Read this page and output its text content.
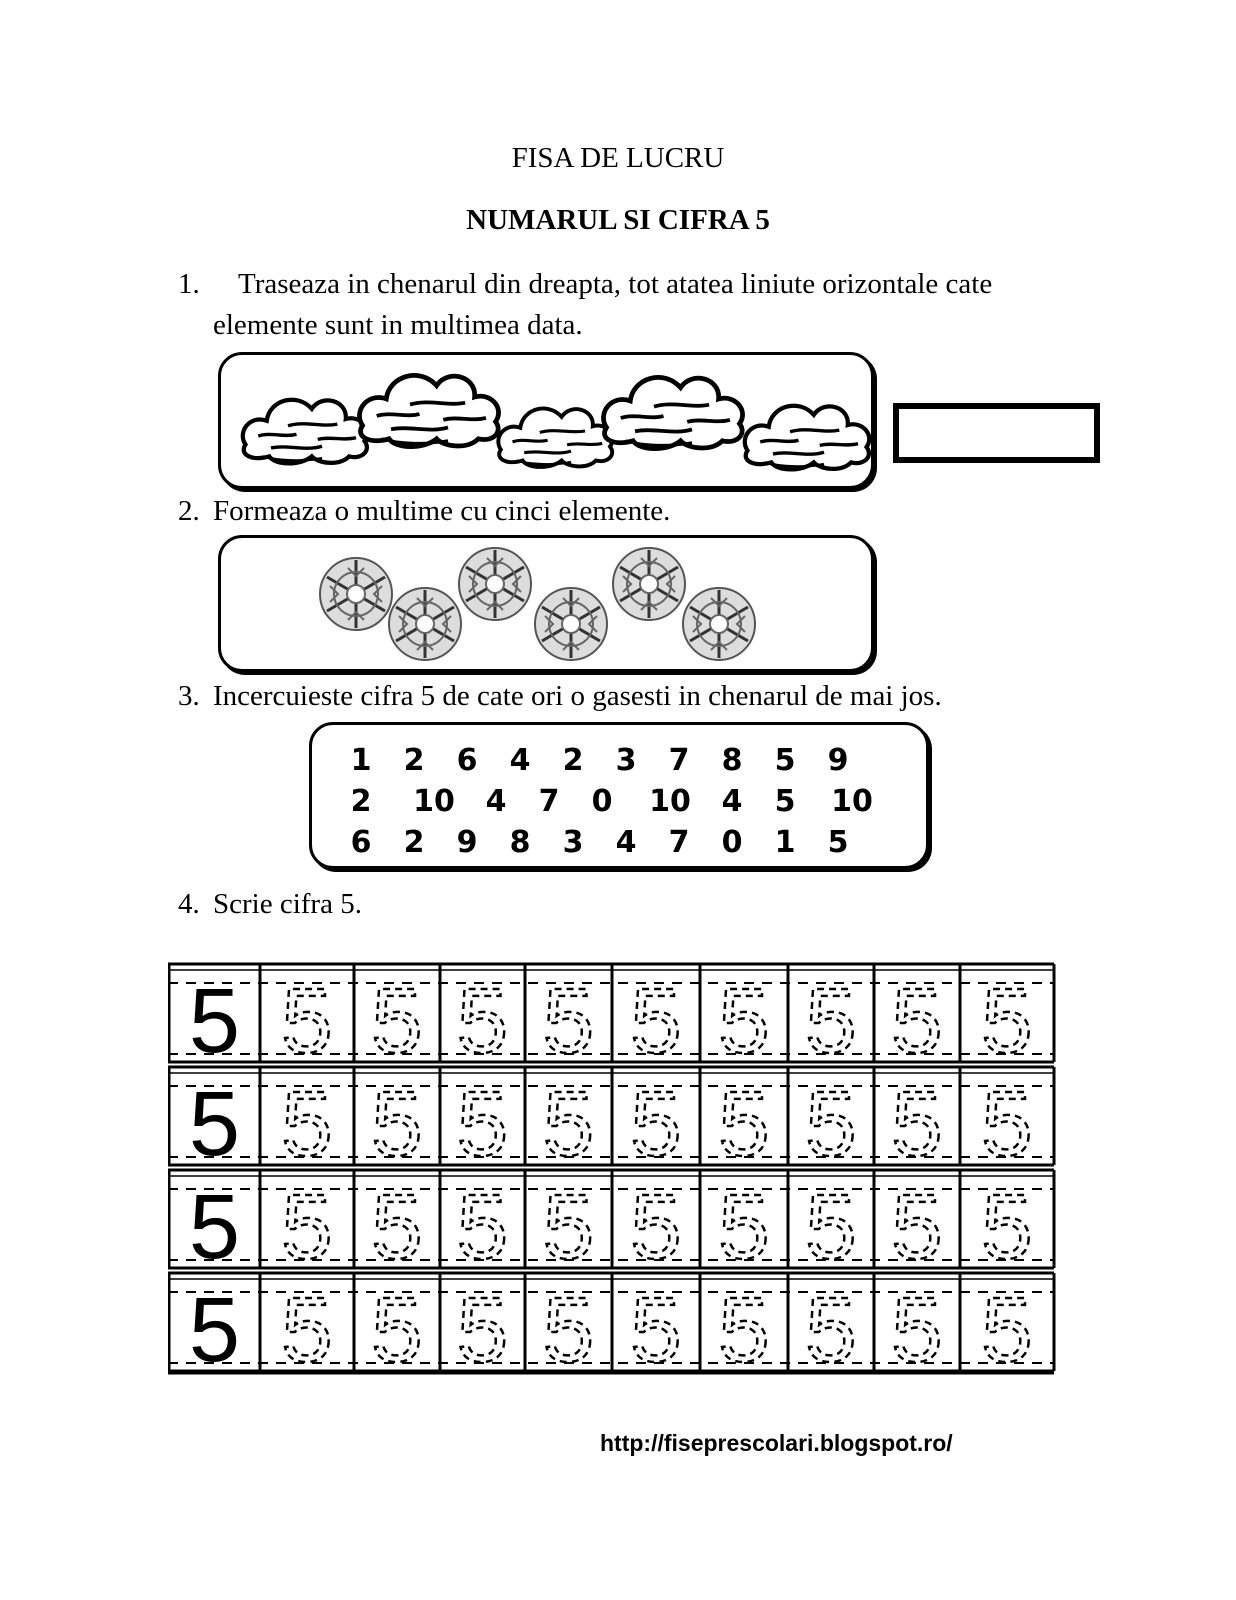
FISA DE LUCRU
NUMARUL SI CIFRA 5
1. Traseaza in chenarul din dreapta, tot atatea liniute orizontale cate
elemente sunt in multimea data.
2. Formeaza o multime cu cinci elemente.
3. Incercuieste cifra 5 de cate ori o gasesti in chenarul de mai jos.
1	2	6	4	2	3	7	8	5	9
2	10	4	7	0	10	4	5	10
6	2	9	8	3	4	7	0	1	5
4. Scrie cifra 5.
5 5 5 5 5 5 5 5 5 5
5 5 5 5 5 5 5 5 5 5
5 5 5 5 5 5 5 5 5 5
5 5 5 5 5 5 5 5 5 5
http://fiseprescolari.blogspot.ro/
